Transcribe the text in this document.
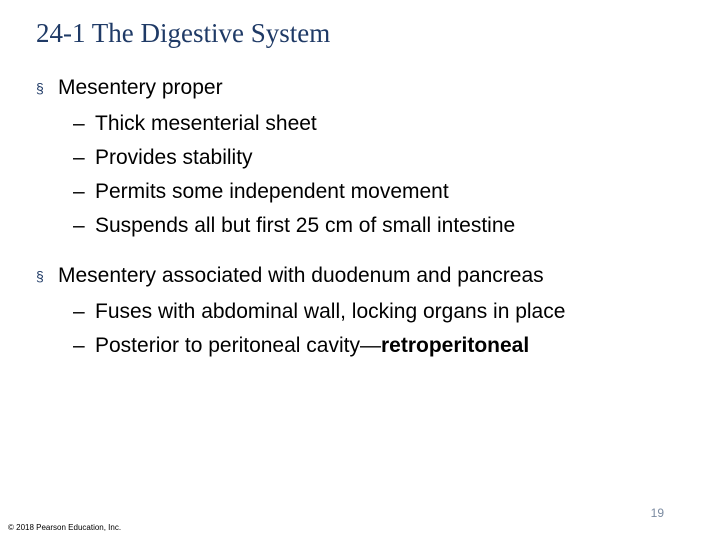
24-1 The Digestive System
§ Mesentery proper
– Thick mesenterial sheet
– Provides stability
– Permits some independent movement
– Suspends all but first 25 cm of small intestine
§ Mesentery associated with duodenum and pancreas
– Fuses with abdominal wall, locking organs in place
– Posterior to peritoneal cavity—retroperitoneal
19
© 2018 Pearson Education, Inc.
